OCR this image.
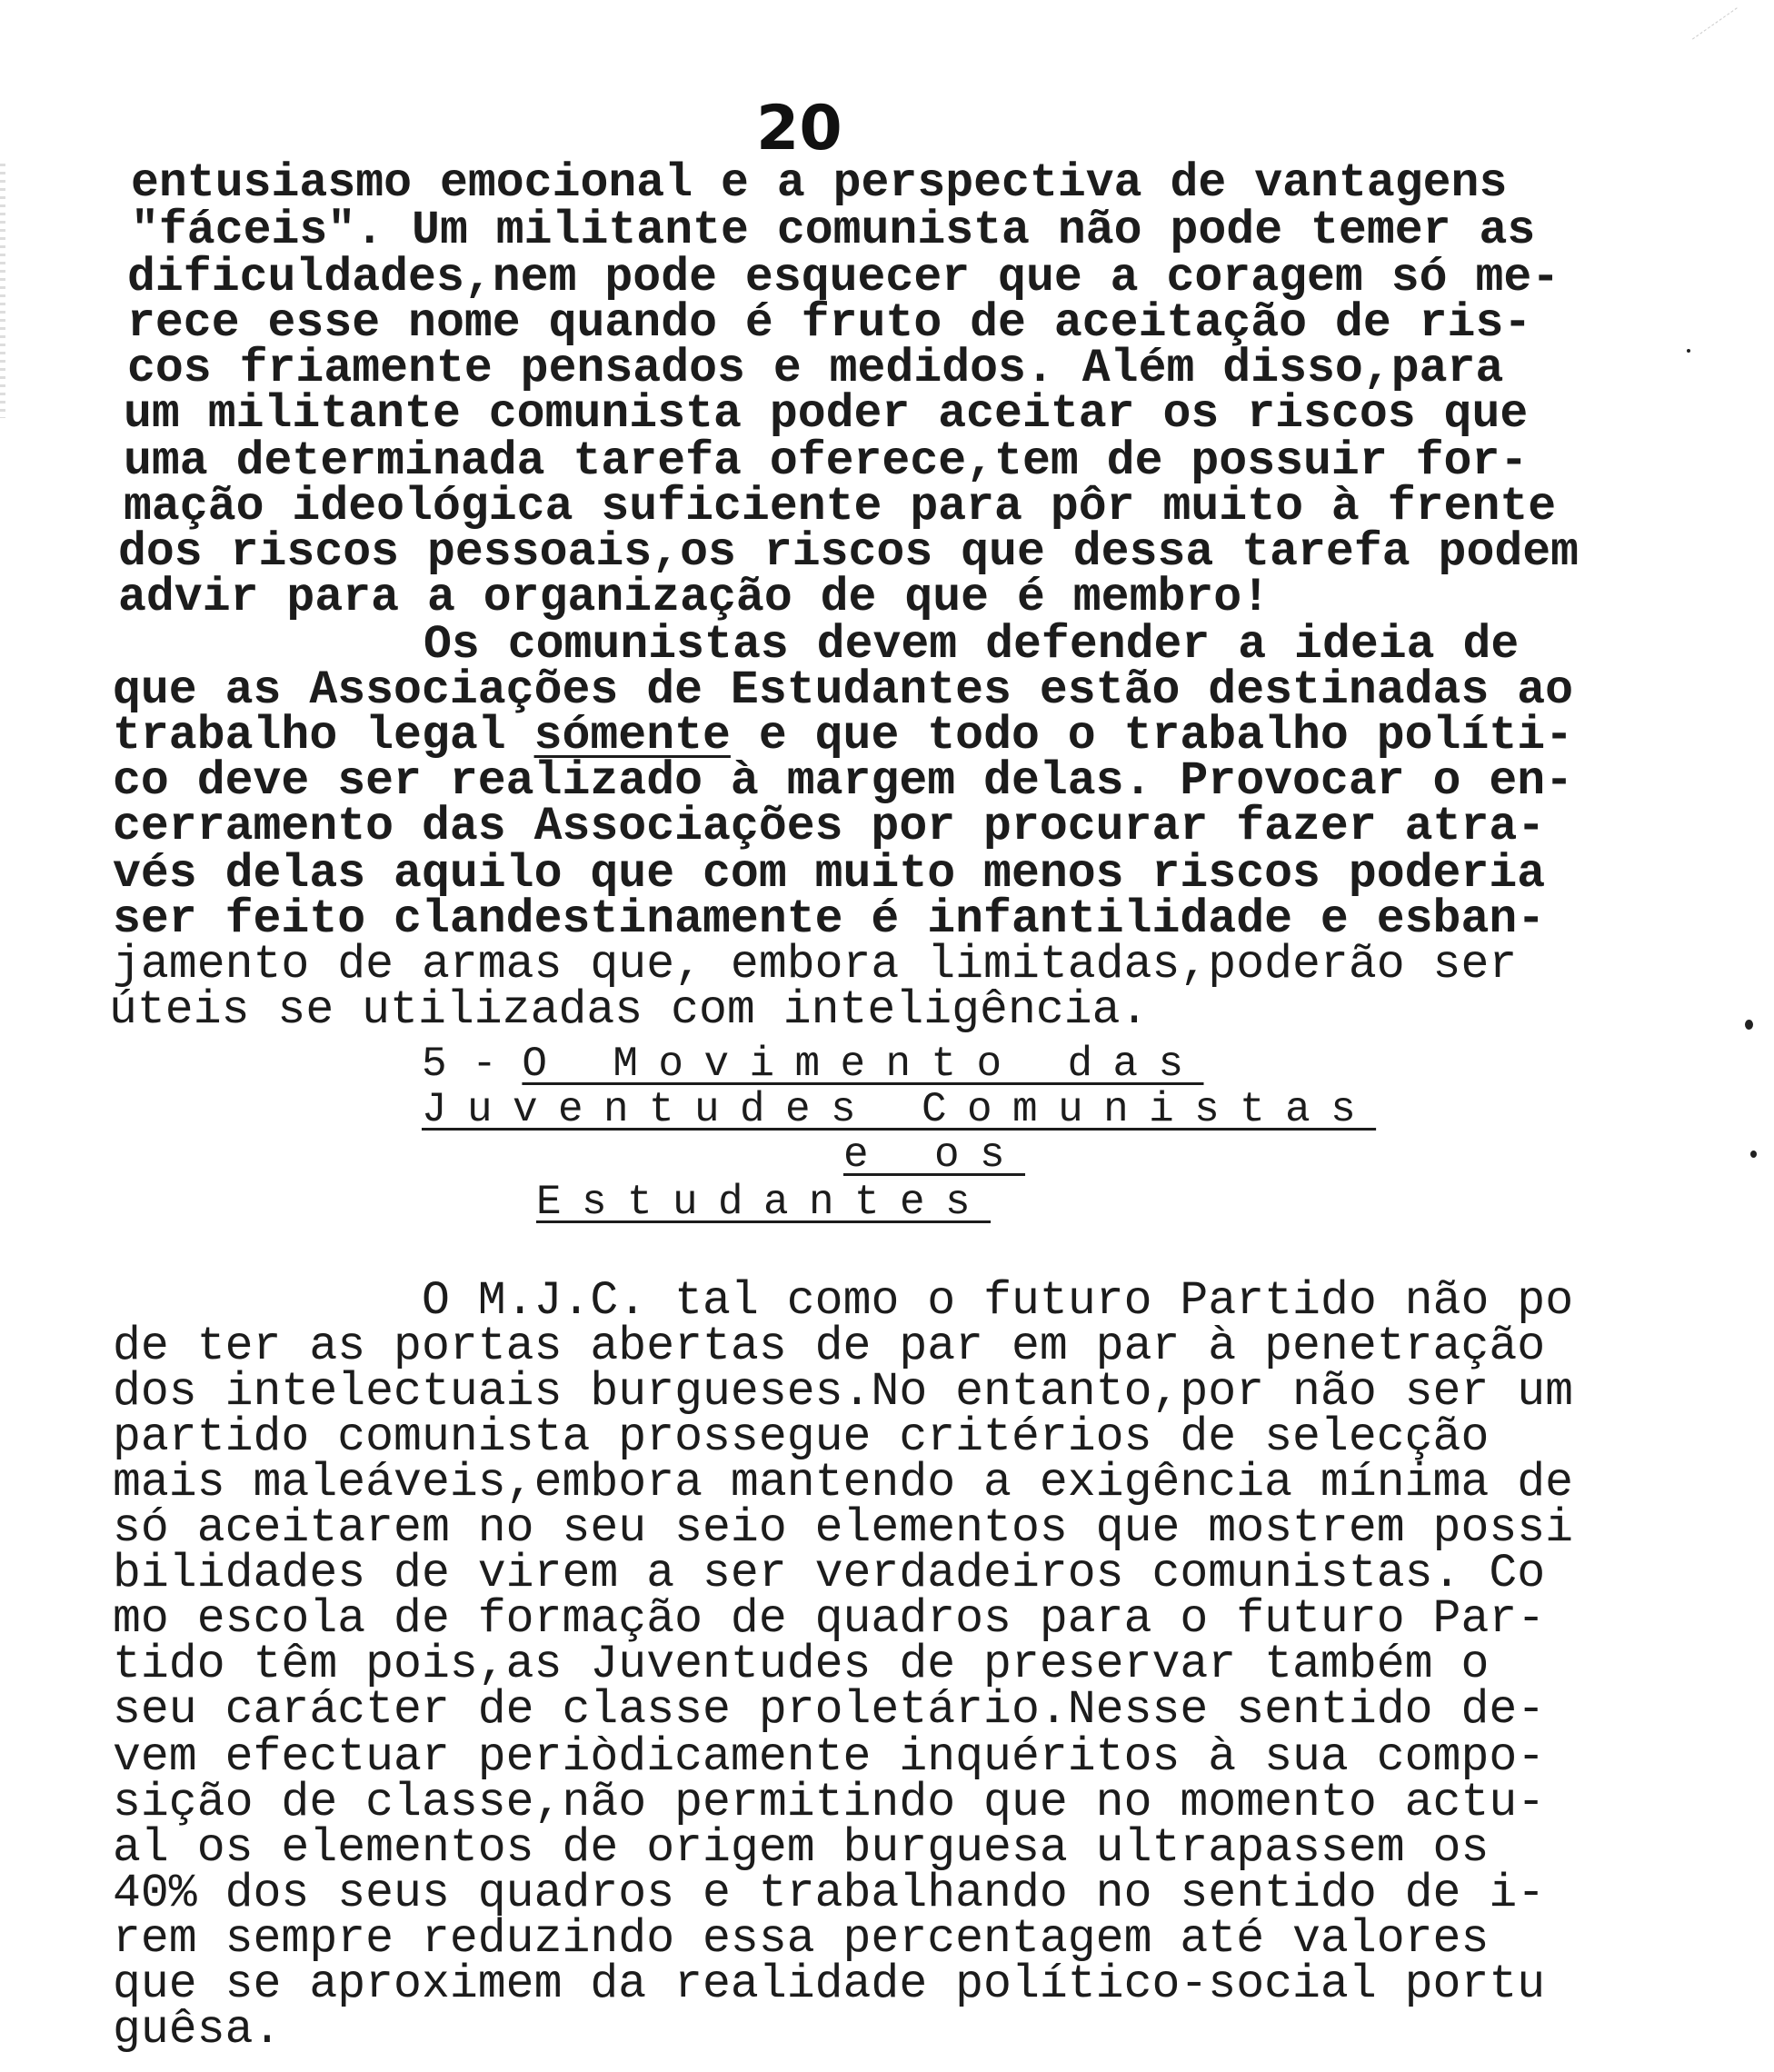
20
entusiasmo emocional e a perspectiva de vantagens
"fáceis". Um militante comunista não pode temer as
dificuldades,nem pode esquecer que a coragem só me-
rece esse nome quando é fruto de aceitação de ris-
cos friamente pensados e medidos. Além disso,para
um militante comunista poder aceitar os riscos que
uma determinada tarefa oferece,tem de possuir for-
mação ideológica suficiente para pôr muito à frente
dos riscos pessoais,os riscos que dessa tarefa podem
advir para a organização de que é membro!
Os comunistas devem defender a ideia de
que as Associações de Estudantes estão destinadas ao
trabalho legal sómente e que todo o trabalho políti-
co deve ser realizado à margem delas. Provocar o en-
cerramento das Associações por procurar fazer atra-
vés delas aquilo que com muito menos riscos poderia
ser feito clandestinamente é infantilidade e esban-
jamento de armas que, embora limitadas,poderão ser
úteis se utilizadas com inteligência.
5 - O Movimento das
Juventudes Comunistas
e os
Estudantes
O M.J.C. tal como o futuro Partido não po
de ter as portas abertas de par em par à penetração
dos intelectuais burgueses.No entanto,por não ser um
partido comunista prossegue critérios de selecção
mais maleáveis,embora mantendo a exigência mínima de
só aceitarem no seu seio elementos que mostrem possi
bilidades de virem a ser verdadeiros comunistas. Co
mo escola de formação de quadros para o futuro Par-
tido têm pois,as Juventudes de preservar também o
seu carácter de classe proletário.Nesse sentido de-
vem efectuar periòdicamente inquéritos à sua compo-
sição de classe,não permitindo que no momento actu-
al os elementos de origem burguesa ultrapassem os
40% dos seus quadros e trabalhando no sentido de i-
rem sempre reduzindo essa percentagem até valores
que se aproximem da realidade político-social portu
guêsa.
